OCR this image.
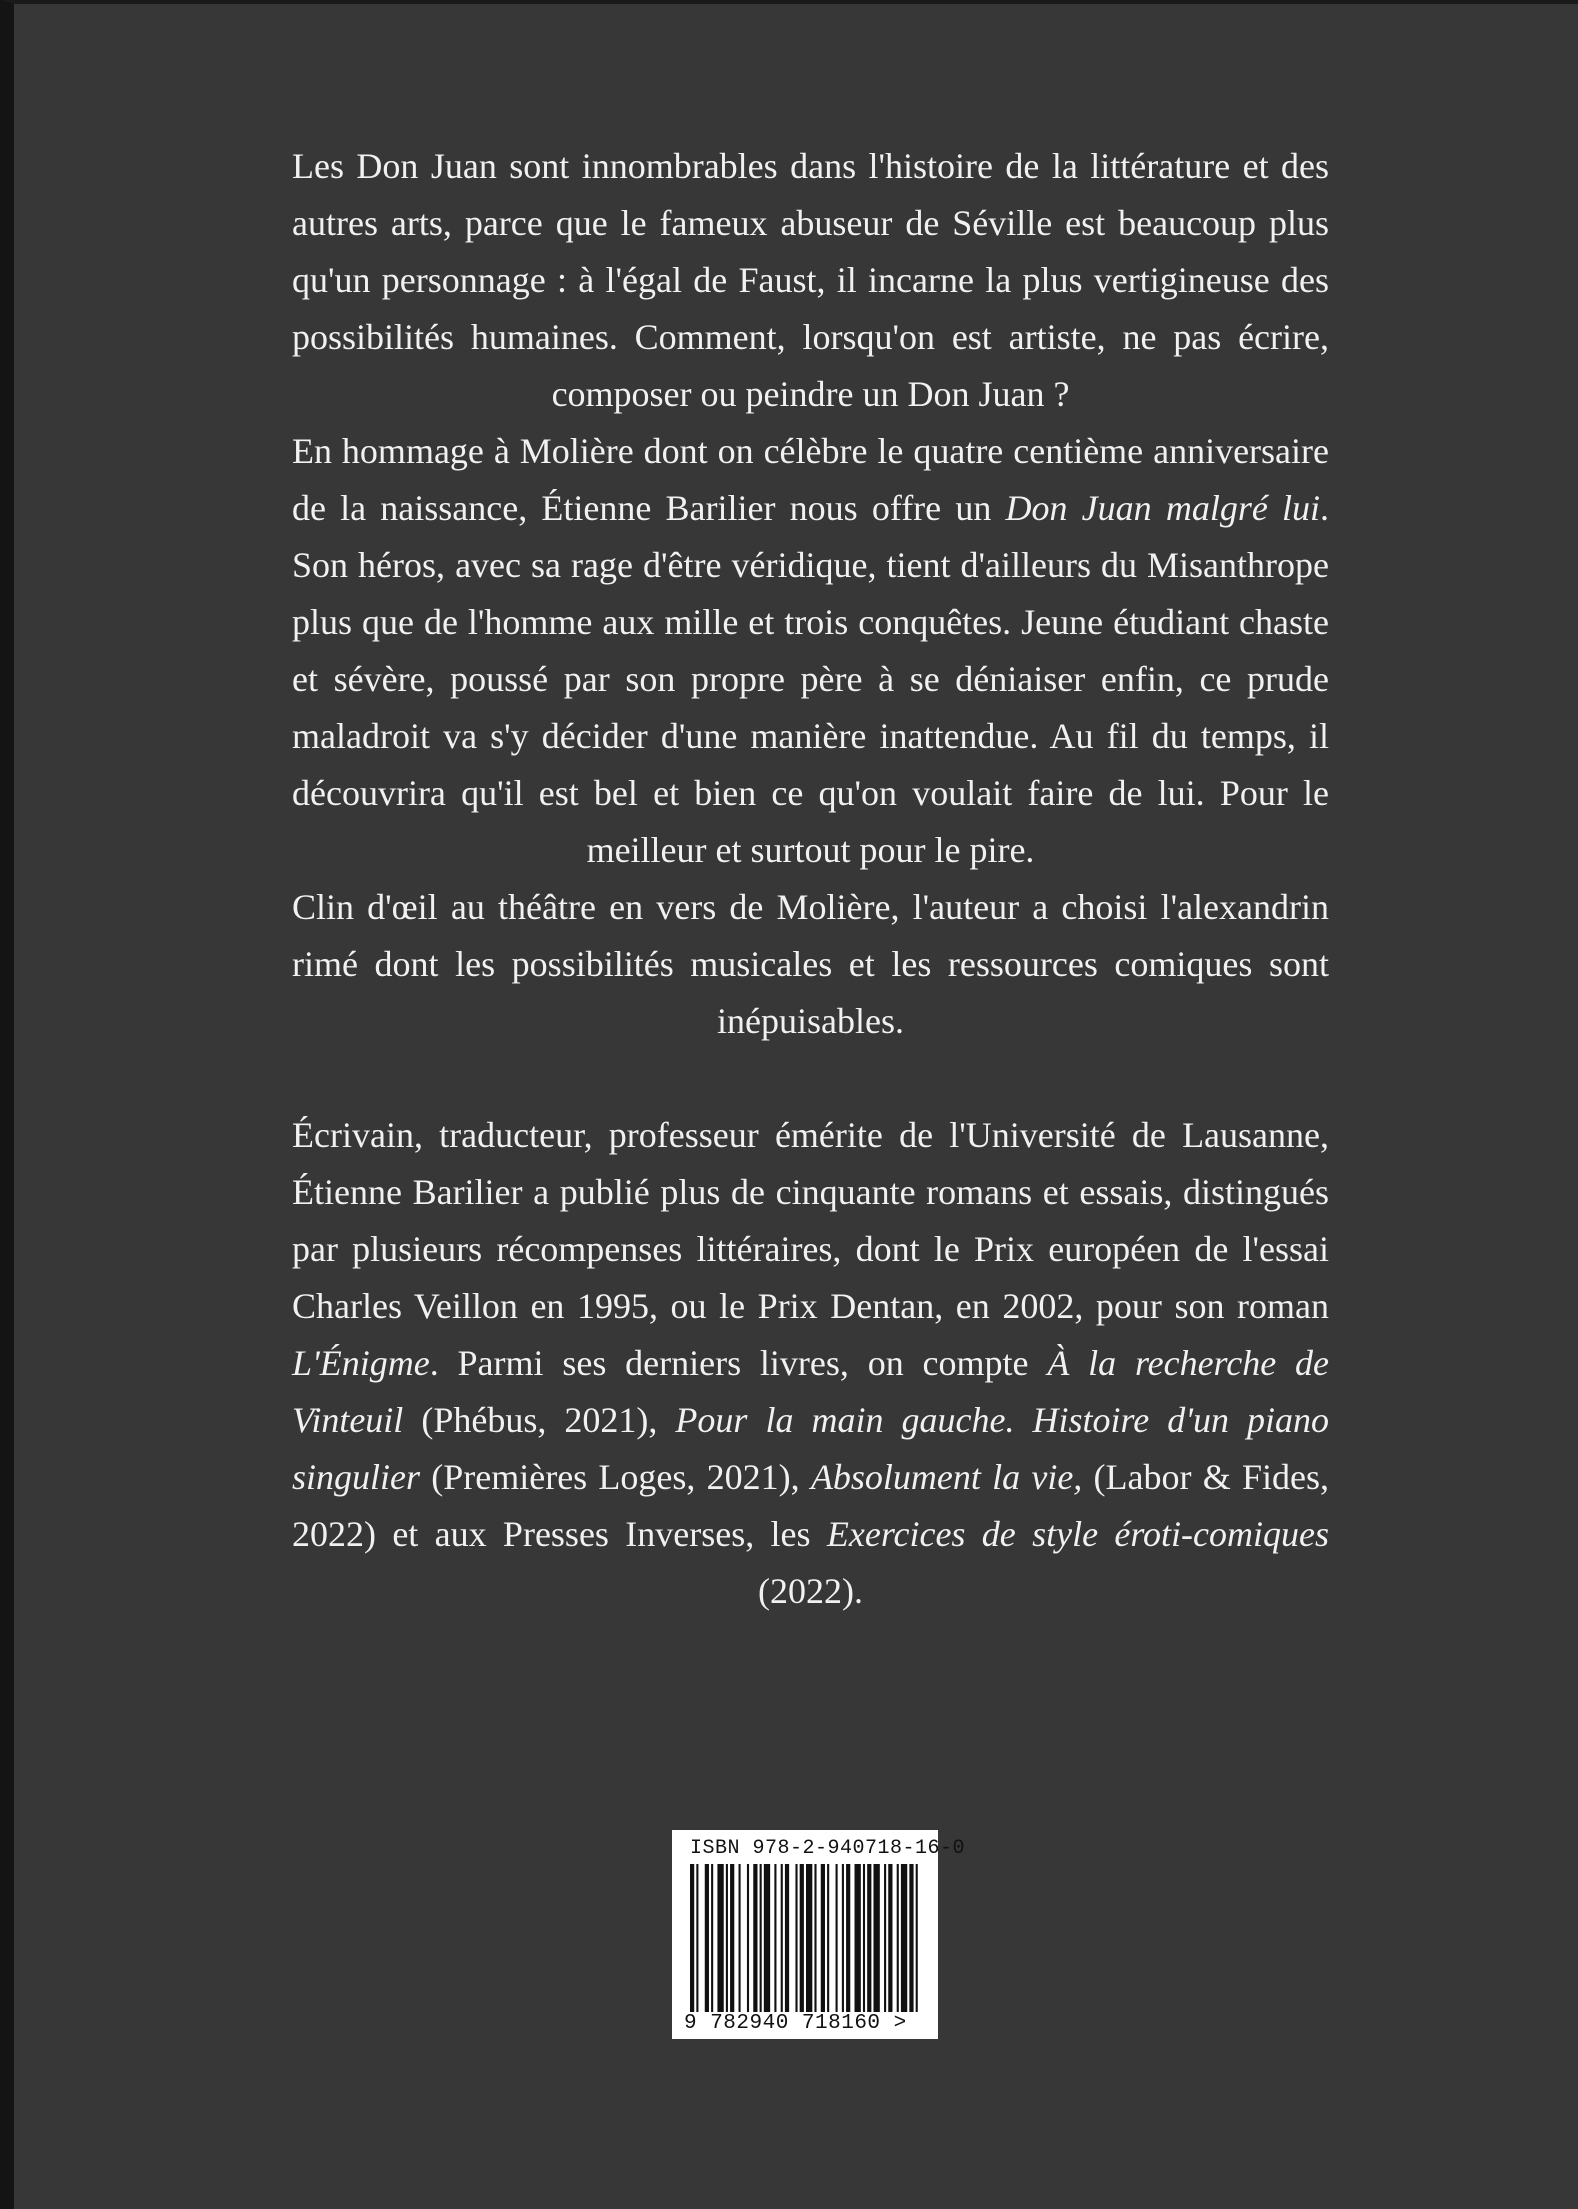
Les Don Juan sont innombrables dans l'histoire de la littérature et des autres arts, parce que le fameux abuseur de Séville est beaucoup plus qu'un personnage : à l'égal de Faust, il incarne la plus vertigineuse des possibilités humaines. Comment, lorsqu'on est artiste, ne pas écrire, composer ou peindre un Don Juan ?

En hommage à Molière dont on célèbre le quatre centième anniversaire de la naissance, Étienne Barilier nous offre un Don Juan malgré lui. Son héros, avec sa rage d'être véridique, tient d'ailleurs du Misanthrope plus que de l'homme aux mille et trois conquêtes. Jeune étudiant chaste et sévère, poussé par son propre père à se déniaiser enfin, ce prude maladroit va s'y décider d'une manière inattendue. Au fil du temps, il découvrira qu'il est bel et bien ce qu'on voulait faire de lui. Pour le meilleur et surtout pour le pire.

Clin d'œil au théâtre en vers de Molière, l'auteur a choisi l'alexandrin rimé dont les possibilités musicales et les ressources comiques sont inépuisables.

Écrivain, traducteur, professeur émérite de l'Université de Lausanne, Étienne Barilier a publié plus de cinquante romans et essais, distingués par plusieurs récompenses littéraires, dont le Prix européen de l'essai Charles Veillon en 1995, ou le Prix Dentan, en 2002, pour son roman L'Énigme. Parmi ses derniers livres, on compte À la recherche de Vinteuil (Phébus, 2021), Pour la main gauche. Histoire d'un piano singulier (Premières Loges, 2021), Absolument la vie, (Labor & Fides, 2022) et aux Presses Inverses, les Exercices de style éroti-comiques (2022).

ISBN 978-2-940718-16-0
9 782940 718160 >
